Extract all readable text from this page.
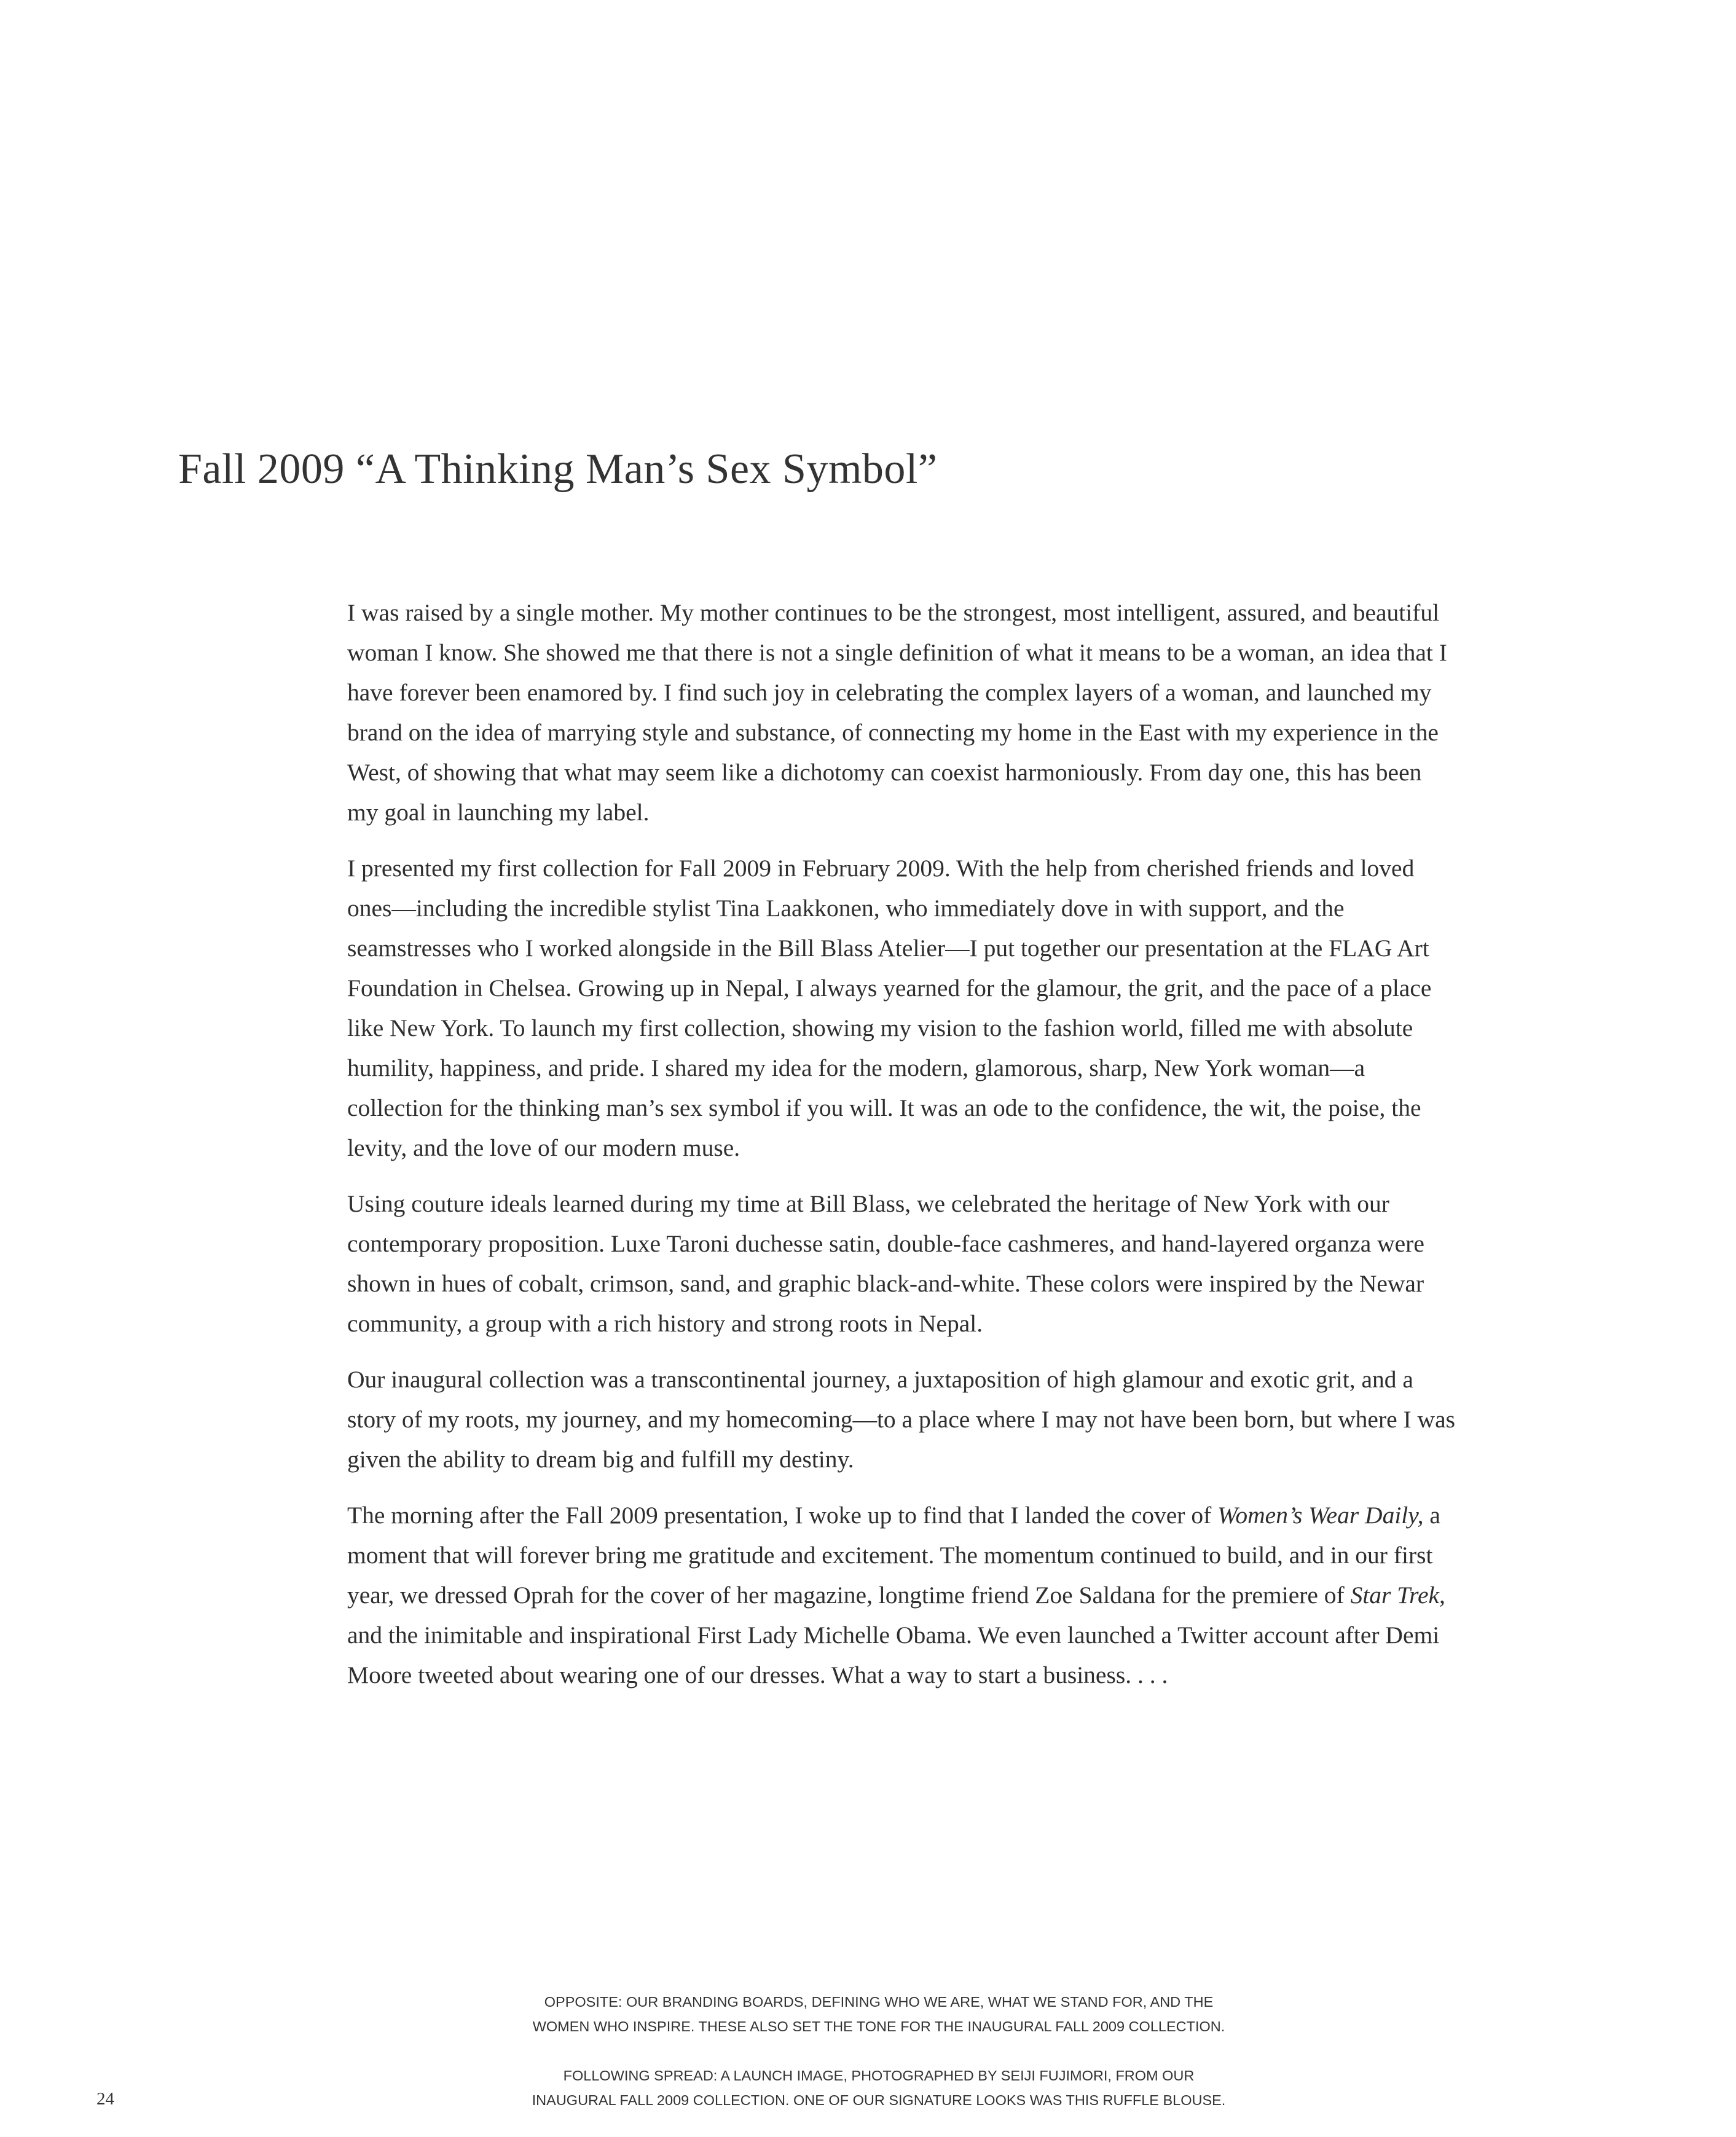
Fall 2009 “A Thinking Man’s Sex Symbol”

I was raised by a single mother. My mother continues to be the strongest, most intelligent, assured, and beautiful woman I know. She showed me that there is not a single definition of what it means to be a woman, an idea that I have forever been enamored by. I find such joy in celebrating the complex layers of a woman, and launched my brand on the idea of marrying style and substance, of connecting my home in the East with my experience in the West, of showing that what may seem like a dichotomy can coexist harmoniously. From day one, this has been my goal in launching my label.

I presented my first collection for Fall 2009 in February 2009. With the help from cherished friends and loved ones—including the incredible stylist Tina Laakkonen, who immediately dove in with support, and the seamstresses who I worked alongside in the Bill Blass Atelier—I put together our presentation at the FLAG Art Foundation in Chelsea. Growing up in Nepal, I always yearned for the glamour, the grit, and the pace of a place like New York. To launch my first collection, showing my vision to the fashion world, filled me with absolute humility, happiness, and pride. I shared my idea for the modern, glamorous, sharp, New York woman—a collection for the thinking man’s sex symbol if you will. It was an ode to the confidence, the wit, the poise, the levity, and the love of our modern muse.

Using couture ideals learned during my time at Bill Blass, we celebrated the heritage of New York with our contemporary proposition. Luxe Taroni duchesse satin, double-face cashmeres, and hand-layered organza were shown in hues of cobalt, crimson, sand, and graphic black-and-white. These colors were inspired by the Newar community, a group with a rich history and strong roots in Nepal.

Our inaugural collection was a transcontinental journey, a juxtaposition of high glamour and exotic grit, and a story of my roots, my journey, and my homecoming—to a place where I may not have been born, but where I was given the ability to dream big and fulfill my destiny.

The morning after the Fall 2009 presentation, I woke up to find that I landed the cover of Women’s Wear Daily, a moment that will forever bring me gratitude and excitement. The momentum continued to build, and in our first year, we dressed Oprah for the cover of her magazine, longtime friend Zoe Saldana for the premiere of Star Trek, and the inimitable and inspirational First Lady Michelle Obama. We even launched a Twitter account after Demi Moore tweeted about wearing one of our dresses. What a way to start a business. . . .

OPPOSITE: OUR BRANDING BOARDS, DEFINING WHO WE ARE, WHAT WE STAND FOR, AND THE
WOMEN WHO INSPIRE. THESE ALSO SET THE TONE FOR THE INAUGURAL FALL 2009 COLLECTION.

FOLLOWING SPREAD: A LAUNCH IMAGE, PHOTOGRAPHED BY SEIJI FUJIMORI, FROM OUR
INAUGURAL FALL 2009 COLLECTION. ONE OF OUR SIGNATURE LOOKS WAS THIS RUFFLE BLOUSE.

24
